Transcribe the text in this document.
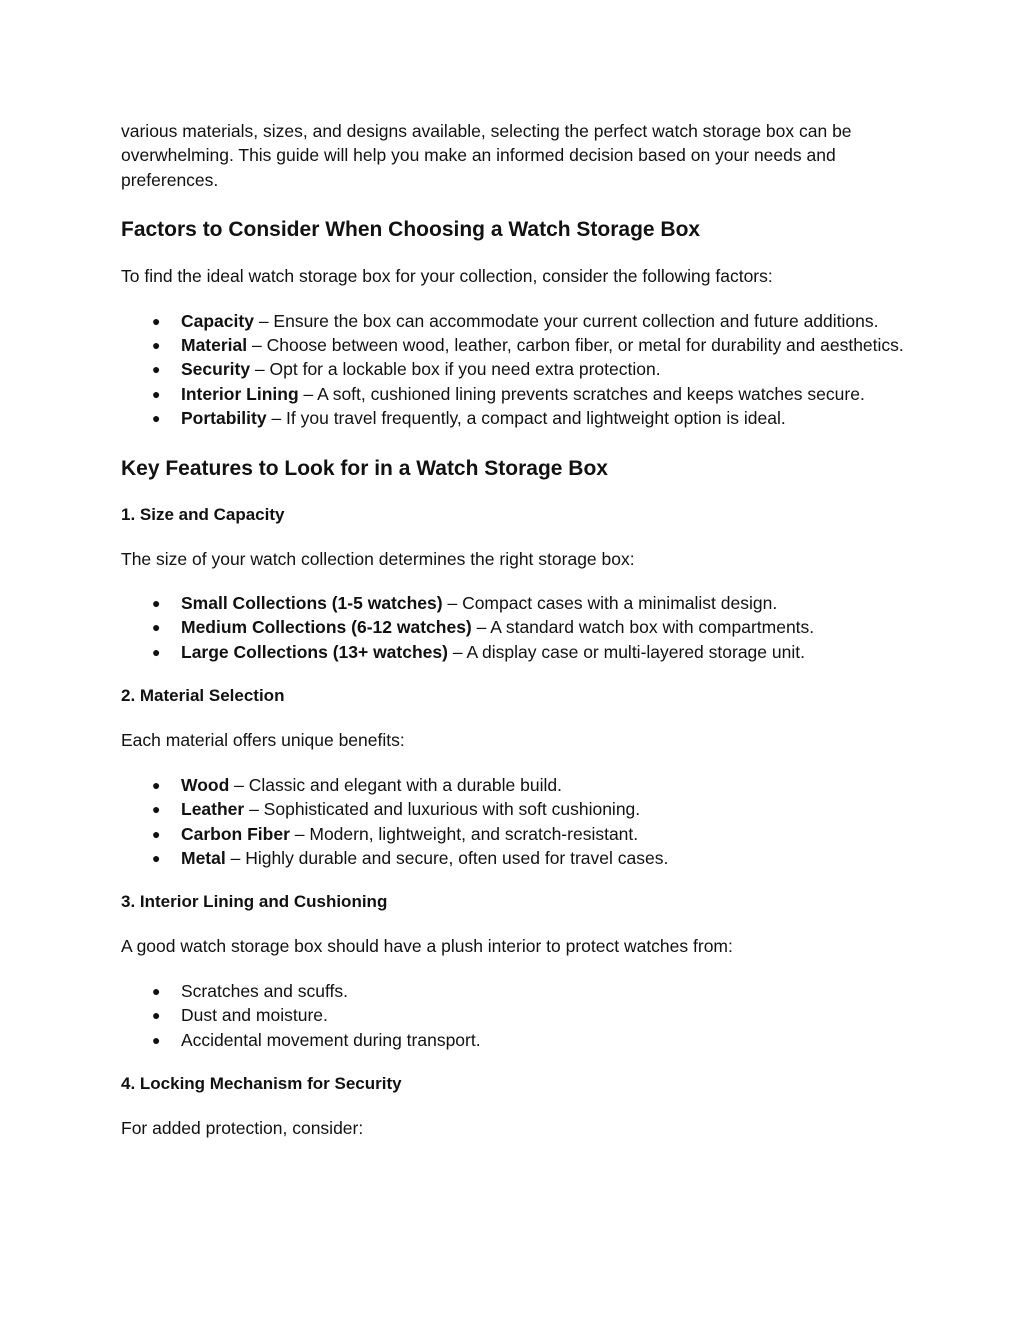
various materials, sizes, and designs available, selecting the perfect watch storage box can be overwhelming. This guide will help you make an informed decision based on your needs and preferences.

Factors to Consider When Choosing a Watch Storage Box

To find the ideal watch storage box for your collection, consider the following factors:

● Capacity – Ensure the box can accommodate your current collection and future additions.
● Material – Choose between wood, leather, carbon fiber, or metal for durability and aesthetics.
● Security – Opt for a lockable box if you need extra protection.
● Interior Lining – A soft, cushioned lining prevents scratches and keeps watches secure.
● Portability – If you travel frequently, a compact and lightweight option is ideal.
Key Features to Look for in a Watch Storage Box
1. Size and Capacity

The size of your watch collection determines the right storage box:

● Small Collections (1-5 watches) – Compact cases with a minimalist design.
● Medium Collections (6-12 watches) – A standard watch box with compartments.
● Large Collections (13+ watches) – A display case or multi-layered storage unit.
2. Material Selection

Each material offers unique benefits:

● Wood – Classic and elegant with a durable build.
● Leather – Sophisticated and luxurious with soft cushioning.
● Carbon Fiber – Modern, lightweight, and scratch-resistant.
● Metal – Highly durable and secure, often used for travel cases.
3. Interior Lining and Cushioning

A good watch storage box should have a plush interior to protect watches from:

● Scratches and scuffs.
● Dust and moisture.
● Accidental movement during transport.
4. Locking Mechanism for Security

For added protection, consider:
